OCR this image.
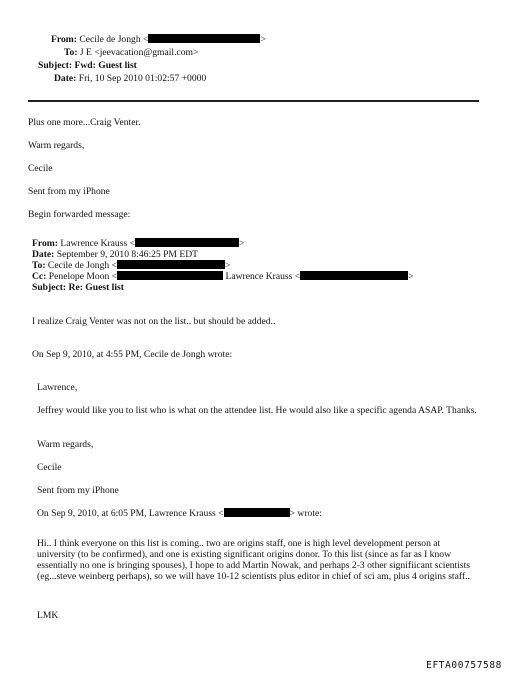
From: Cecile de Jongh <	>
To: J E <jeevacation@gmail.com>
Subject: Fwd: Guest list
Date: Fri, 10 Sep 2010 01:02:57 +0000
Plus one more...Craig Venter.
Warm regards,
Cecile
Sent from my iPhone
Begin forwarded message:
From: Lawrence Krauss <	>
Date: September 9, 2010 8:46:25 PM EDT
To: Cecile de Jongh <	>
Cc: Penelope Moon <	Lawrence Krauss <	>
Subject: Re: Guest list
I realize Craig Venter was not on the list.. but should be added..
On Sep 9, 2010, at 4:55 PM, Cecile de Jongh wrote:
Lawrence,
Jeffrey would like you to list who is what on the attendee list. He would also like a specific agenda ASAP. Thanks.
Warm regards,
Cecile
Sent from my iPhone
On Sep 9, 2010, at 6:05 PM, Lawrence Krauss <	> wrote:
Hi.. I think everyone on this list is coming.. two are origins staff, one is high level development person at university (to be confirmed), and one is existing significant origins donor. To this list (since as far as I know essentially no one is bringing spouses), I hope to add Martin Nowak, and perhaps 2-3 other signifiicant scientists (eg...steve weinberg perhaps), so we will have 10-12 scientists plus editor in chief of sci am, plus 4 origins staff..
LMK
EFTA00757588
